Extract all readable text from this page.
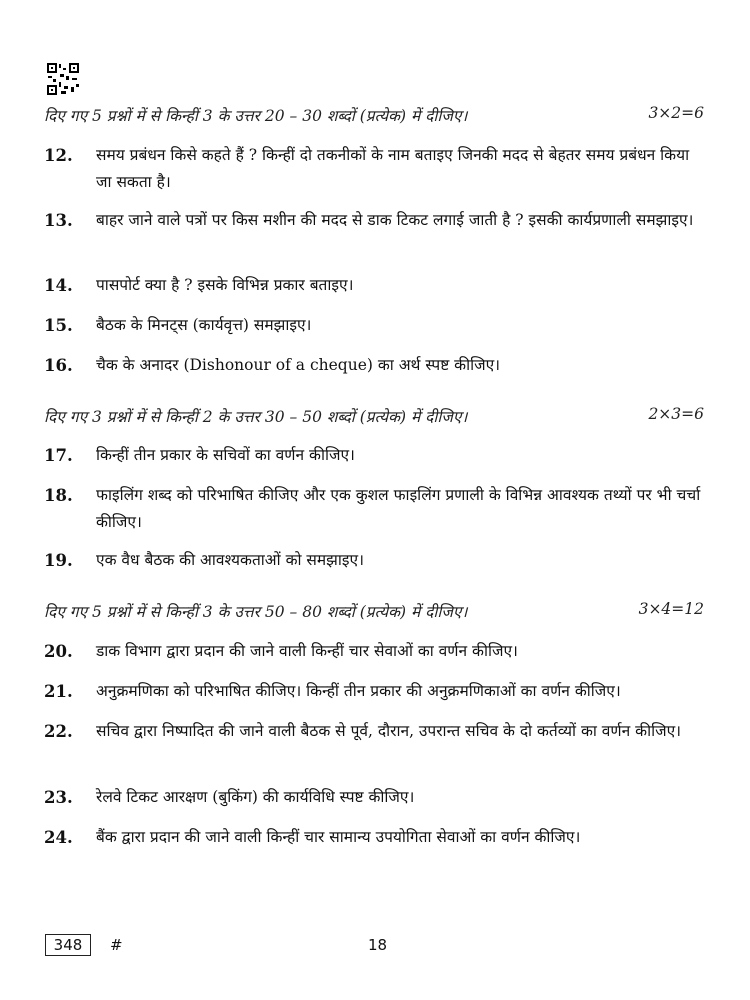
दिए गए 5 प्रश्नों में से किन्हीं 3 के उत्तर 20 – 30 शब्दों (प्रत्येक) में दीजिए।	3×2=6
12.	समय प्रबंधन किसे कहते हैं ? किन्हीं दो तकनीकों के नाम बताइए जिनकी मदद से बेहतर समय प्रबंधन किया जा सकता है।
13.	बाहर जाने वाले पत्रों पर किस मशीन की मदद से डाक टिकट लगाई जाती है ? इसकी कार्यप्रणाली समझाइए।
14.	पासपोर्ट क्या है ? इसके विभिन्न प्रकार बताइए।
15.	बैठक के मिनट्स (कार्यवृत्त) समझाइए।
16.	चैक के अनादर (Dishonour of a cheque) का अर्थ स्पष्ट कीजिए।
दिए गए 3 प्रश्नों में से किन्हीं 2 के उत्तर 30 – 50 शब्दों (प्रत्येक) में दीजिए।	2×3=6
17.	किन्हीं तीन प्रकार के सचिवों का वर्णन कीजिए।
18.	फाइलिंग शब्द को परिभाषित कीजिए और एक कुशल फाइलिंग प्रणाली के विभिन्न आवश्यक तथ्यों पर भी चर्चा कीजिए।
19.	एक वैध बैठक की आवश्यकताओं को समझाइए।
दिए गए 5 प्रश्नों में से किन्हीं 3 के उत्तर 50 – 80 शब्दों (प्रत्येक) में दीजिए।	3×4=12
20.	डाक विभाग द्वारा प्रदान की जाने वाली किन्हीं चार सेवाओं का वर्णन कीजिए।
21.	अनुक्रमणिका को परिभाषित कीजिए। किन्हीं तीन प्रकार की अनुक्रमणिकाओं का वर्णन कीजिए।
22.	सचिव द्वारा निष्पादित की जाने वाली बैठक से पूर्व, दौरान, उपरान्त सचिव के दो कर्तव्यों का वर्णन कीजिए।
23.	रेलवे टिकट आरक्षण (बुकिंग) की कार्यविधि स्पष्ट कीजिए।
24.	बैंक द्वारा प्रदान की जाने वाली किन्हीं चार सामान्य उपयोगिता सेवाओं का वर्णन कीजिए।
348	#	18
